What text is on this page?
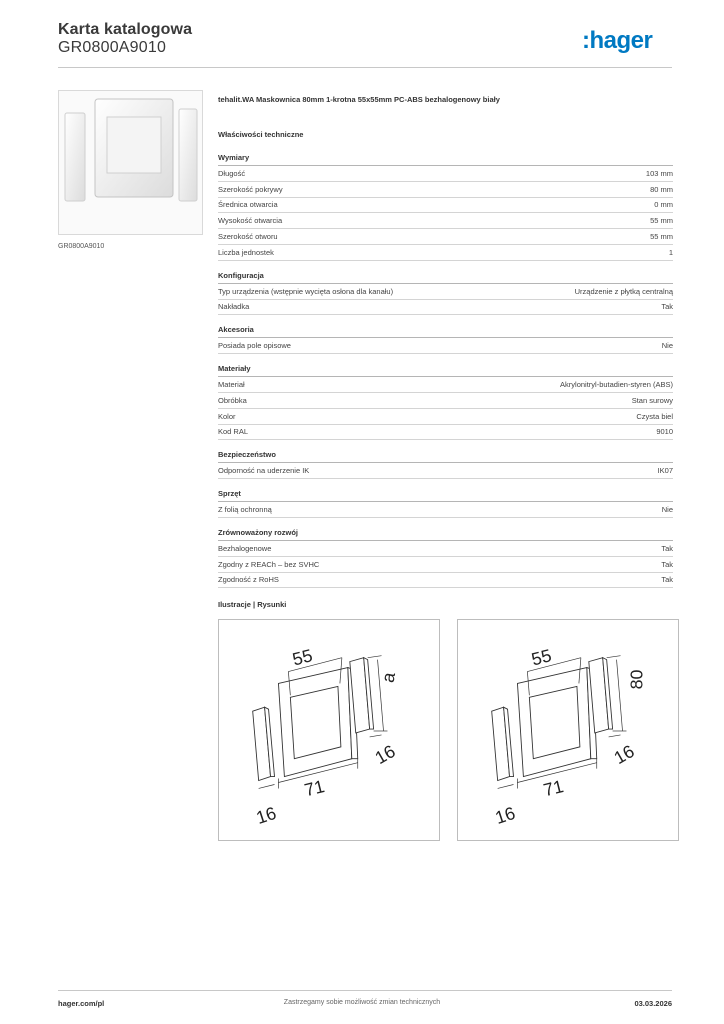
Karta katalogowa
GR0800A9010	:hager
GR0800A9010
tehalit.WA Maskownica 80mm 1-krotna 55x55mm PC-ABS bezhalogenowy biały
Właściwości techniczne
Wymiary
Długość	103 mm
Szerokość pokrywy	80 mm
Średnica otwarcia	0 mm
Wysokość otwarcia	55 mm
Szerokość otworu	55 mm
Liczba jednostek	1
Konfiguracja
Typ urządzenia (wstępnie wycięta osłona dla kanału)	Urządzenie z płytką centralną
Nakładka	Tak
Akcesoria
Posiada pole opisowe	Nie
Materiały
Materiał	Akrylonitryl-butadien-styren (ABS)
Obróbka	Stan surowy
Kolor	Czysta biel
Kod RAL	9010
Bezpieczeństwo
Odporność na uderzenie IK	IK07
Sprzęt
Z folią ochronną	Nie
Zrównoważony rozwój
Bezhalogenowe	Tak
Zgodny z REACh – bez SVHC	Tak
Zgodność z RoHS	Tak
Ilustracje | Rysunki
55
a
16
71
16
55
80
16
71
16
hager.com/pl	Zastrzegamy sobie możliwość zmian technicznych	03.03.2026
